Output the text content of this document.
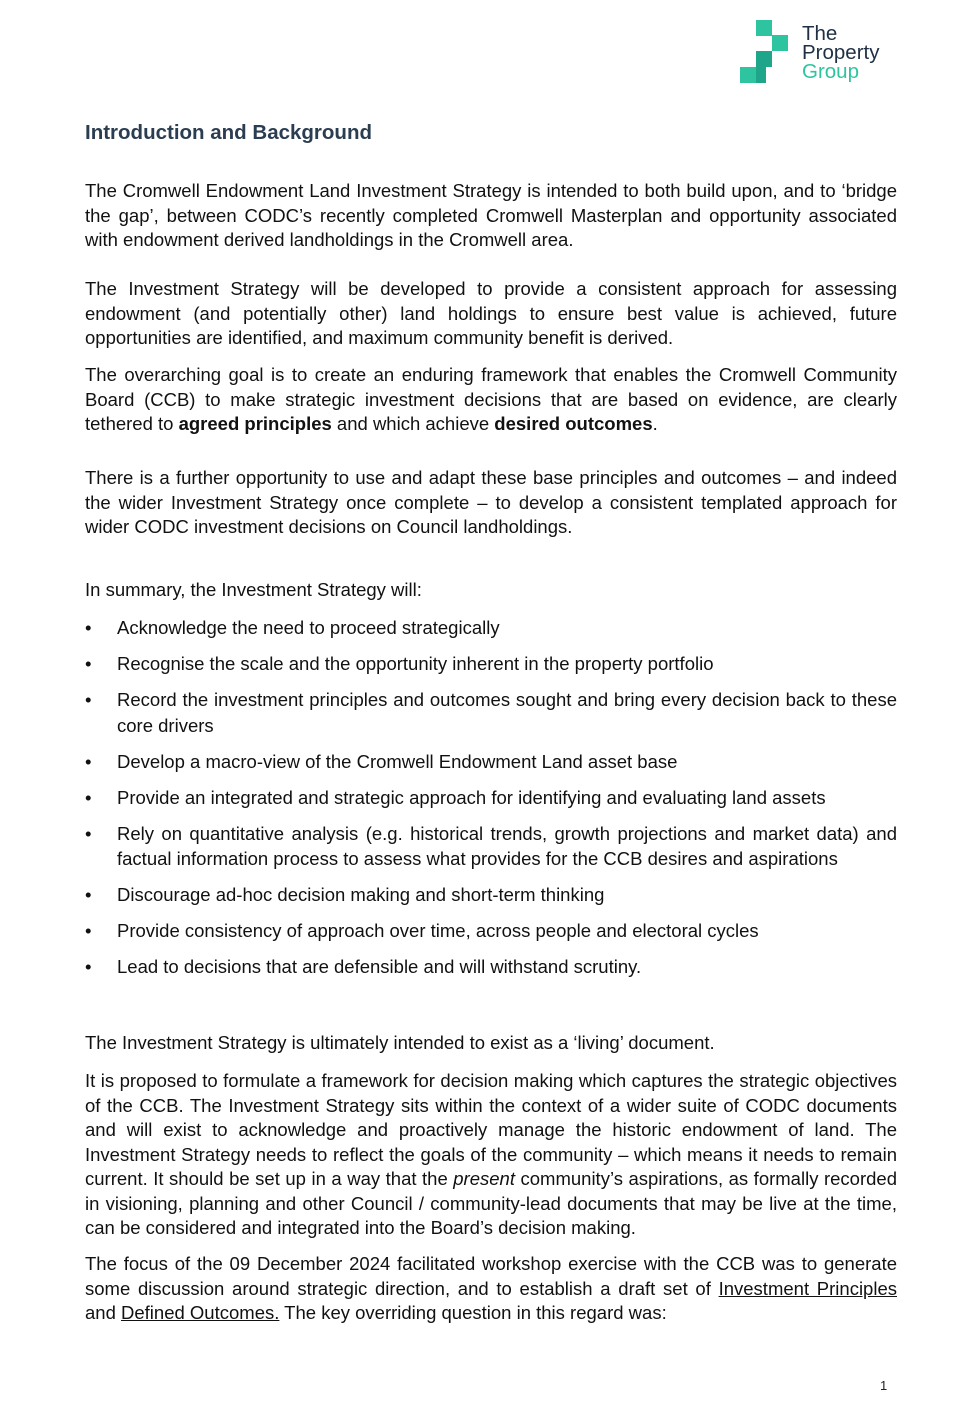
The
Property
Group
Introduction and Background

The Cromwell Endowment Land Investment Strategy is intended to both build upon, and to ‘bridge the gap’, between CODC’s recently completed Cromwell Masterplan and opportunity associated with endowment derived landholdings in the Cromwell area.

The Investment Strategy will be developed to provide a consistent approach for assessing endowment (and potentially other) land holdings to ensure best value is achieved, future opportunities are identified, and maximum community benefit is derived.

The overarching goal is to create an enduring framework that enables the Cromwell Community Board (CCB) to make strategic investment decisions that are based on evidence, are clearly tethered to agreed principles and which achieve desired outcomes.

There is a further opportunity to use and adapt these base principles and outcomes – and indeed the wider Investment Strategy once complete – to develop a consistent templated approach for wider CODC investment decisions on Council landholdings.

In summary, the Investment Strategy will:

• Acknowledge the need to proceed strategically
• Recognise the scale and the opportunity inherent in the property portfolio
• Record the investment principles and outcomes sought and bring every decision back to these core drivers
• Develop a macro-view of the Cromwell Endowment Land asset base
• Provide an integrated and strategic approach for identifying and evaluating land assets
• Rely on quantitative analysis (e.g. historical trends, growth projections and market data) and factual information process to assess what provides for the CCB desires and aspirations
• Discourage ad-hoc decision making and short-term thinking
• Provide consistency of approach over time, across people and electoral cycles
• Lead to decisions that are defensible and will withstand scrutiny.

The Investment Strategy is ultimately intended to exist as a ‘living’ document.

It is proposed to formulate a framework for decision making which captures the strategic objectives of the CCB. The Investment Strategy sits within the context of a wider suite of CODC documents and will exist to acknowledge and proactively manage the historic endowment of land. The Investment Strategy needs to reflect the goals of the community – which means it needs to remain current. It should be set up in a way that the present community’s aspirations, as formally recorded in visioning, planning and other Council / community-lead documents that may be live at the time, can be considered and integrated into the Board’s decision making.

The focus of the 09 December 2024 facilitated workshop exercise with the CCB was to generate some discussion around strategic direction, and to establish a draft set of Investment Principles and Defined Outcomes. The key overriding question in this regard was:

1
